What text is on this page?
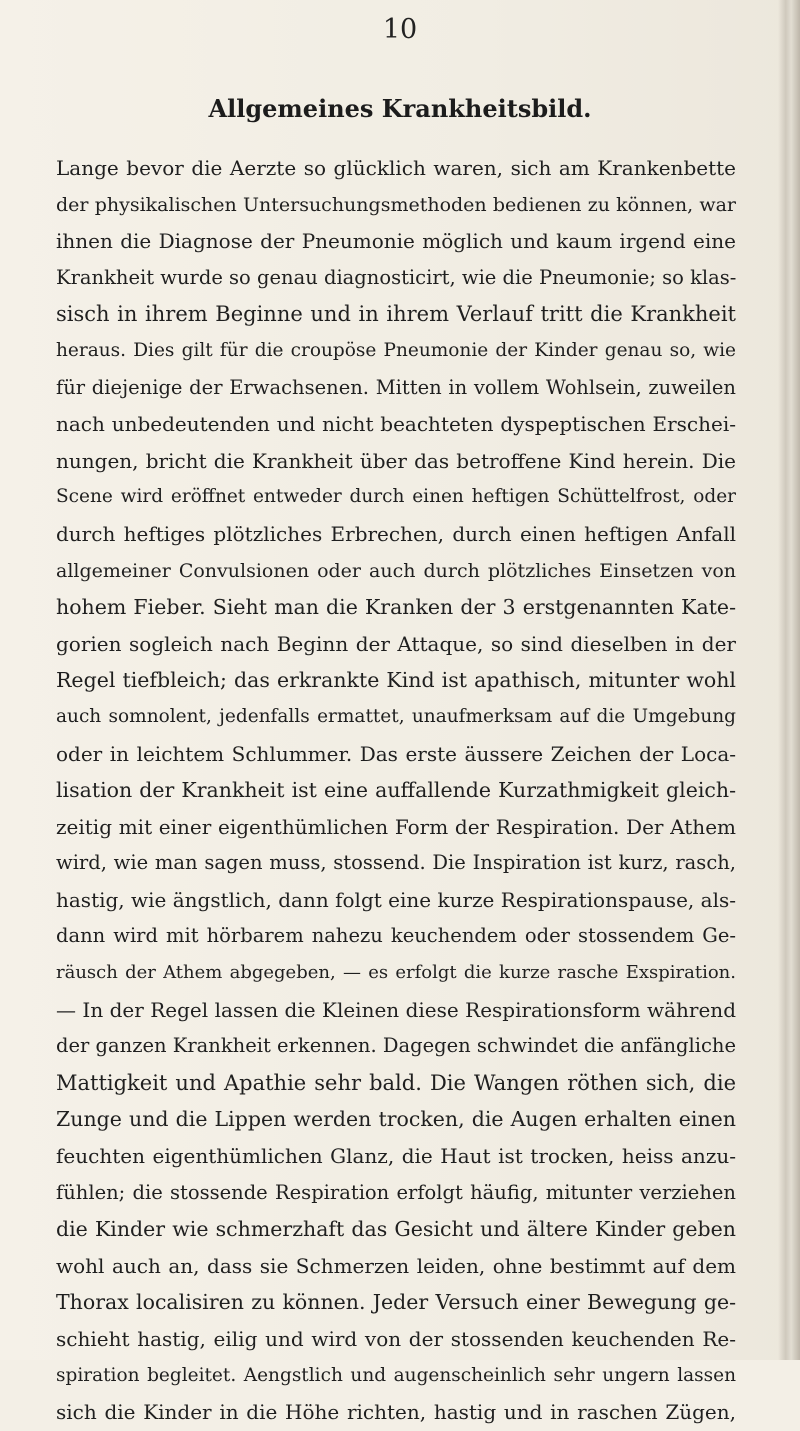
10

Allgemeines Krankheitsbild.
Lange bevor die Aerzte so glücklich waren, sich am Krankenbette
der physikalischen Untersuchungsmethoden bedienen zu können, war
ihnen die Diagnose der Pneumonie möglich und kaum irgend eine
Krankheit wurde so genau diagnosticirt, wie die Pneumonie; so klas-
sisch in ihrem Beginne und in ihrem Verlauf tritt die Krankheit
heraus. Dies gilt für die croupöse Pneumonie der Kinder genau so, wie
für diejenige der Erwachsenen. Mitten in vollem Wohlsein, zuweilen
nach unbedeutenden und nicht beachteten dyspeptischen Erschei-
nungen, bricht die Krankheit über das betroffene Kind herein. Die
Scene wird eröffnet entweder durch einen heftigen Schüttelfrost, oder
durch heftiges plötzliches Erbrechen, durch einen heftigen Anfall
allgemeiner Convulsionen oder auch durch plötzliches Einsetzen von
hohem Fieber. Sieht man die Kranken der 3 erstgenannten Kate-
gorien sogleich nach Beginn der Attaque, so sind dieselben in der
Regel tiefbleich; das erkrankte Kind ist apathisch, mitunter wohl
auch somnolent, jedenfalls ermattet, unaufmerksam auf die Umgebung
oder in leichtem Schlummer. Das erste äussere Zeichen der Loca-
lisation der Krankheit ist eine auffallende Kurzathmigkeit gleich-
zeitig mit einer eigenthümlichen Form der Respiration. Der Athem
wird, wie man sagen muss, stossend. Die Inspiration ist kurz, rasch,
hastig, wie ängstlich, dann folgt eine kurze Respirationspause, als-
dann wird mit hörbarem nahezu keuchendem oder stossendem Ge-
räusch der Athem abgegeben, — es erfolgt die kurze rasche Exspiration.
— In der Regel lassen die Kleinen diese Respirationsform während
der ganzen Krankheit erkennen. Dagegen schwindet die anfängliche
Mattigkeit und Apathie sehr bald. Die Wangen röthen sich, die
Zunge und die Lippen werden trocken, die Augen erhalten einen
feuchten eigenthümlichen Glanz, die Haut ist trocken, heiss anzu-
fühlen; die stossende Respiration erfolgt häufig, mitunter verziehen
die Kinder wie schmerzhaft das Gesicht und ältere Kinder geben
wohl auch an, dass sie Schmerzen leiden, ohne bestimmt auf dem
Thorax localisiren zu können. Jeder Versuch einer Bewegung ge-
schieht hastig, eilig und wird von der stossenden keuchenden Re-
spiration begleitet. Aengstlich und augenscheinlich sehr ungern lassen
sich die Kinder in die Höhe richten, hastig und in raschen Zügen,
